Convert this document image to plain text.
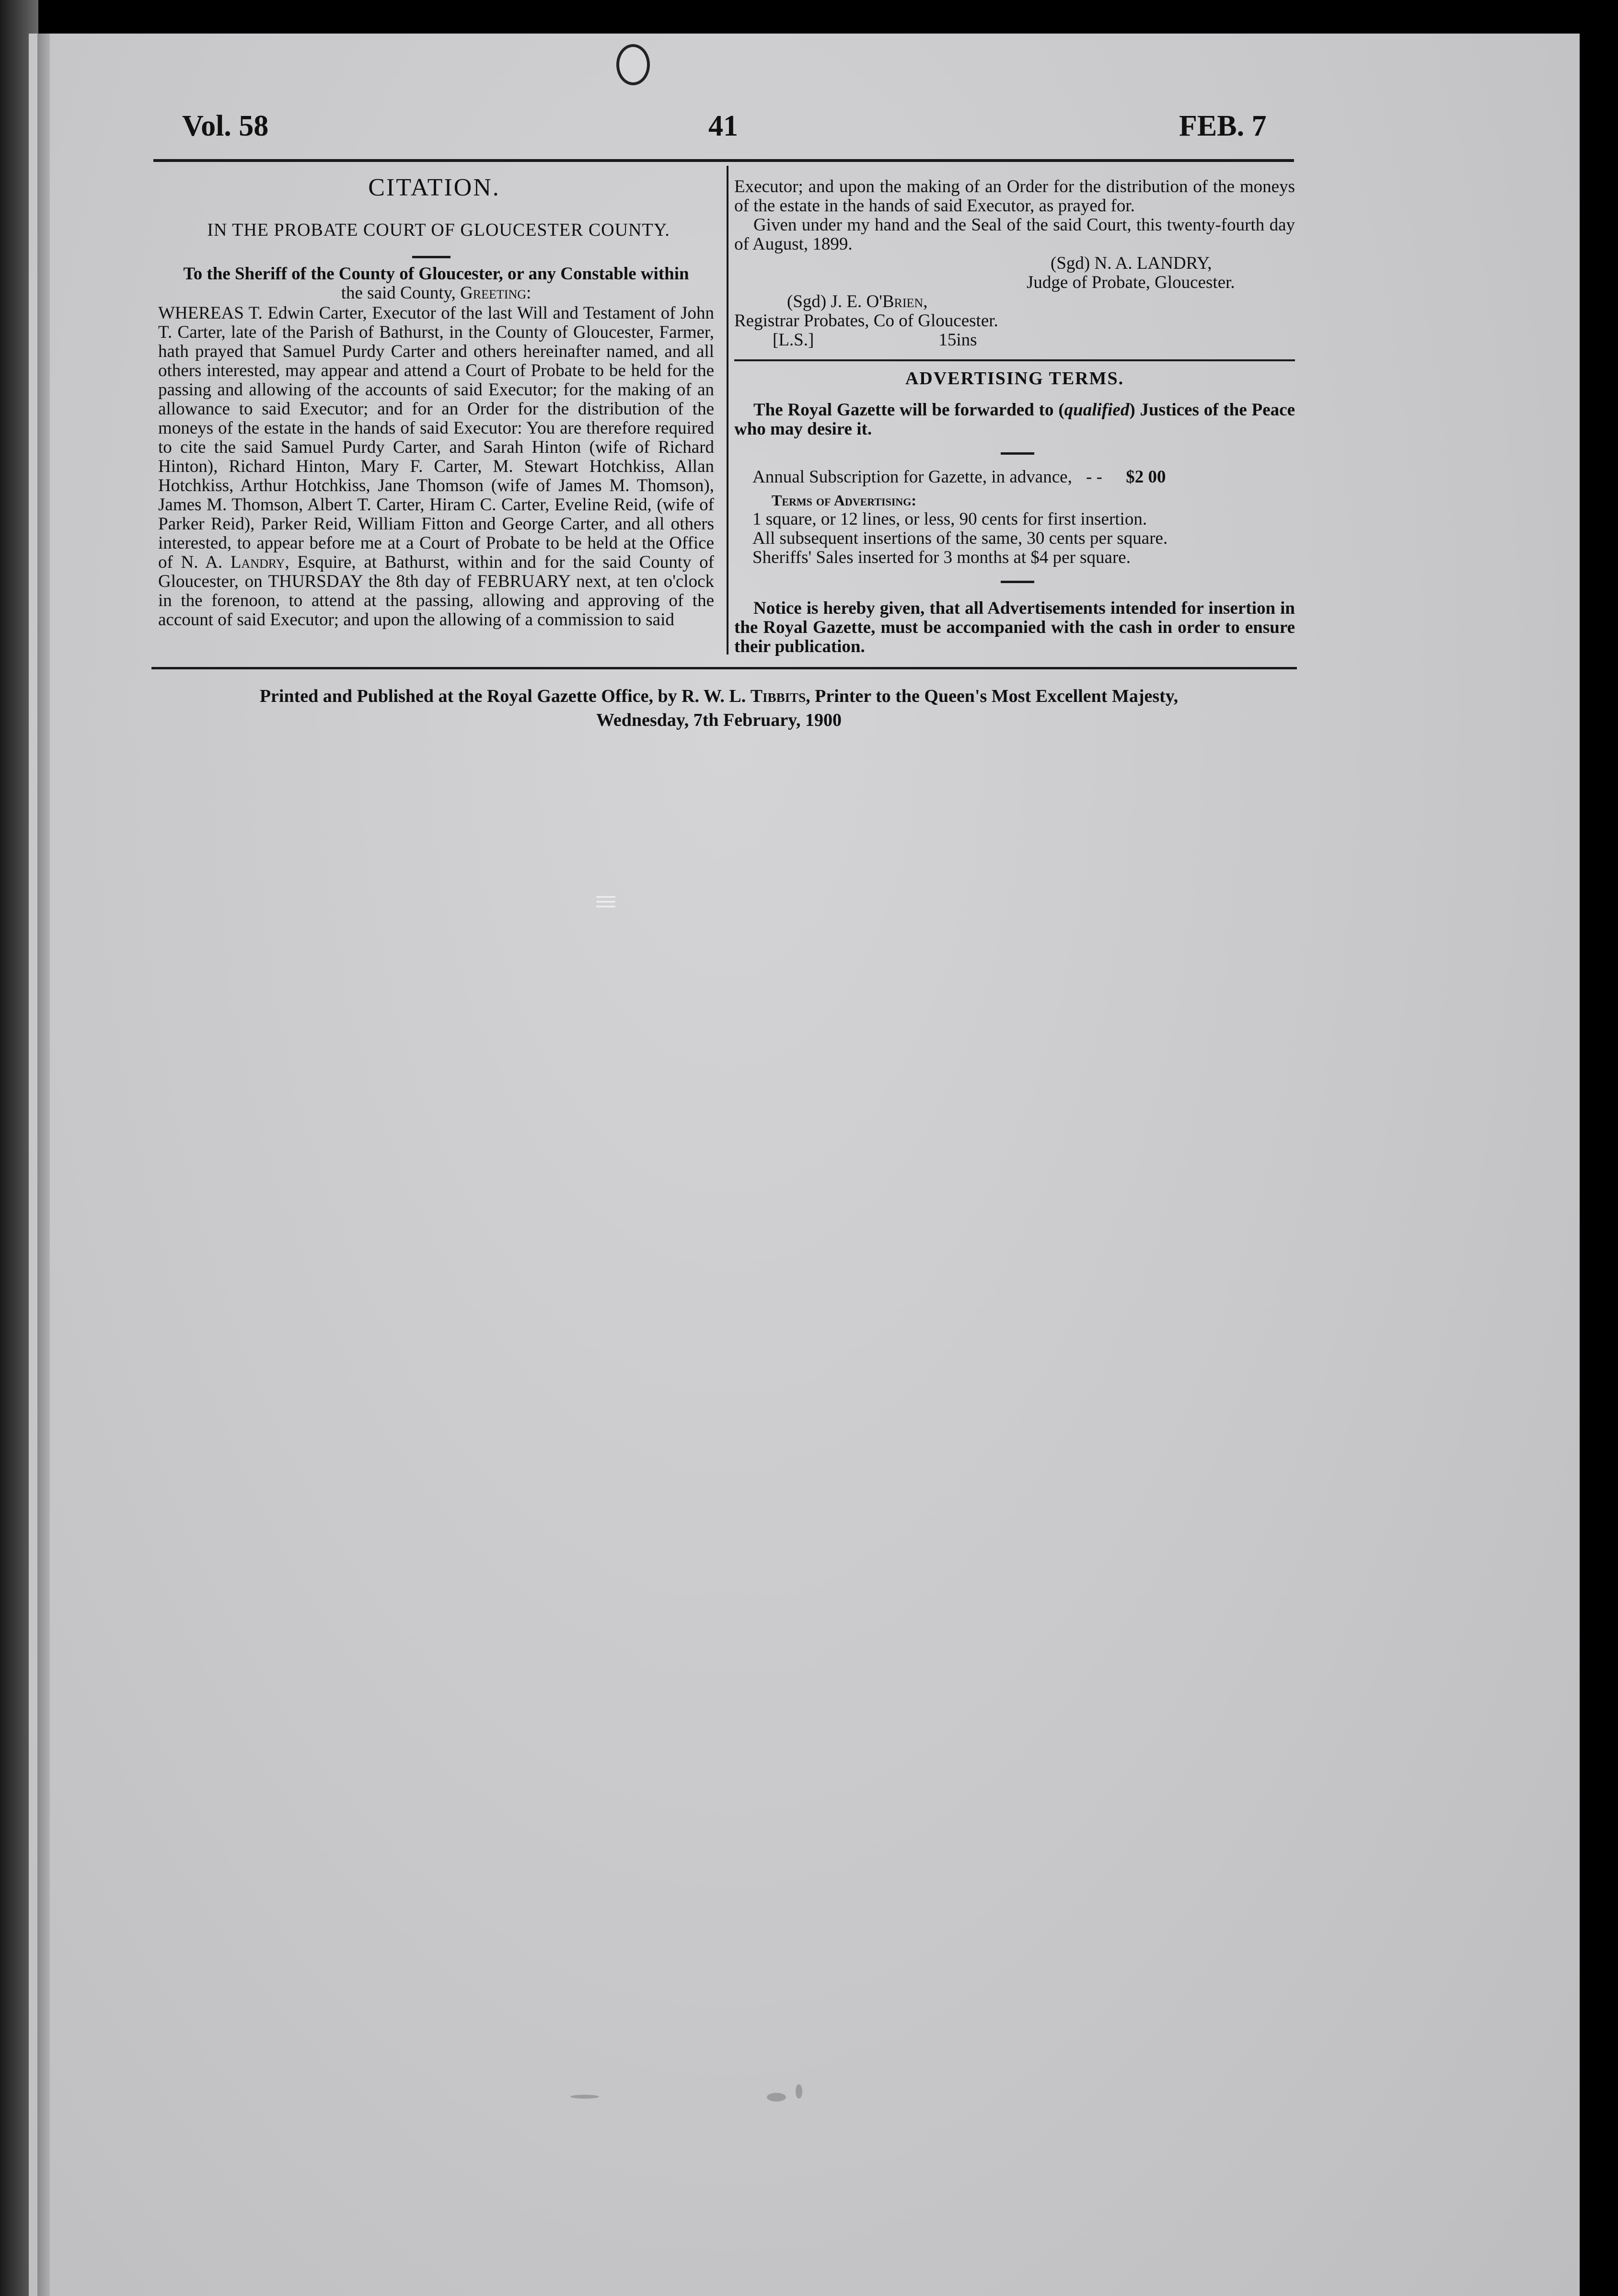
Vol. 58	41	FEB. 7
CITATION.
IN THE PROBATE COURT OF GLOUCESTER COUNTY.

To the Sheriff of the County of Gloucester, or any Constable within

the said County, Greeting:

WHEREAS T. Edwin Carter, Executor of the last Will and Testament of John T. Carter, late of the Parish of Bathurst, in the County of Gloucester, Farmer, hath prayed that Samuel Purdy Carter and others hereinafter named, and all others interested, may appear and attend a Court of Probate to be held for the passing and allowing of the accounts of said Executor; for the making of an allowance to said Executor; and for an Order for the distribution of the moneys of the estate in the hands of said Executor: You are therefore required to cite the said Samuel Purdy Carter, and Sarah Hinton (wife of Richard Hinton), Richard Hinton, Mary F. Carter, M. Stewart Hotchkiss, Allan Hotchkiss, Arthur Hotchkiss, Jane Thomson (wife of James M. Thomson), James M. Thomson, Albert T. Carter, Hiram C. Carter, Eveline Reid, (wife of Parker Reid), Parker Reid, William Fitton and George Carter, and all others interested, to appear before me at a Court of Probate to be held at the Office of N. A. Landry, Esquire, at Bathurst, within and for the said County of Gloucester, on THURSDAY the 8th day of FEBRUARY next, at ten o'clock in the forenoon, to attend at the passing, allowing and approving of the account of said Executor; and upon the allowing of a commission to said

Executor; and upon the making of an Order for the distribution of the moneys of the estate in the hands of said Executor, as prayed for.

Given under my hand and the Seal of the said Court, this twenty-fourth day of August, 1899.

(Sgd) N. A. LANDRY,

Judge of Probate, Gloucester.

(Sgd) J. E. O'Brien,

Registrar Probates, Co of Gloucester.

[L.S.]	15ins

ADVERTISING TERMS.

The Royal Gazette will be forwarded to (qualified) Justices of the Peace who may desire it.

Annual Subscription for Gazette, in advance, - - $2 00

Terms of Advertising:

1 square, or 12 lines, or less, 90 cents for first insertion.

All subsequent insertions of the same, 30 cents per square.

Sheriffs' Sales inserted for 3 months at $4 per square.

Notice is hereby given, that all Advertisements intended for insertion in the Royal Gazette, must be accompanied with the cash in order to ensure their publication.

Printed and Published at the Royal Gazette Office, by R. W. L. Tibbits, Printer to the Queen's Most Excellent Majesty,
Wednesday, 7th February, 1900
